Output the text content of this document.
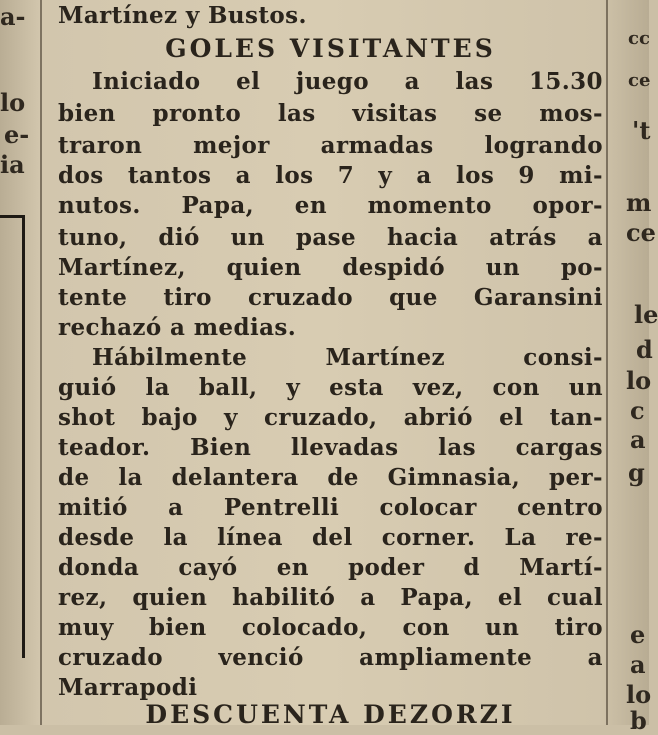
a-
lo
e-
ia
cc
ce
't
m
ce
le
d
lo
c
a
g
e
a
lo
b
Martínez y Bustos.
GOLES VISITANTES
Iniciado el juego a las 15.30
bien pronto las visitas se mos-
traron mejor armadas logrando
dos tantos a los 7 y a los 9 mi-
nutos. Papa, en momento opor-
tuno, dió un pase hacia atrás a
Martínez, quien despidó un po-
tente tiro cruzado que Garansini
rechazó a medias.
Hábilmente	Martínez	consi-
guió la ball, y esta vez, con un
shot bajo y cruzado, abrió el tan-
teador. Bien llevadas las cargas
de la delantera de Gimnasia, per-
mitió a Pentrelli colocar centro
desde la línea del corner. La re-
donda cayó en poder d Martí-
rez, quien habilitó a Papa, el cual
muy bien colocado, con un tiro
cruzado venció ampliamente a
Marrapodi
DESCUENTA DEZORZI
